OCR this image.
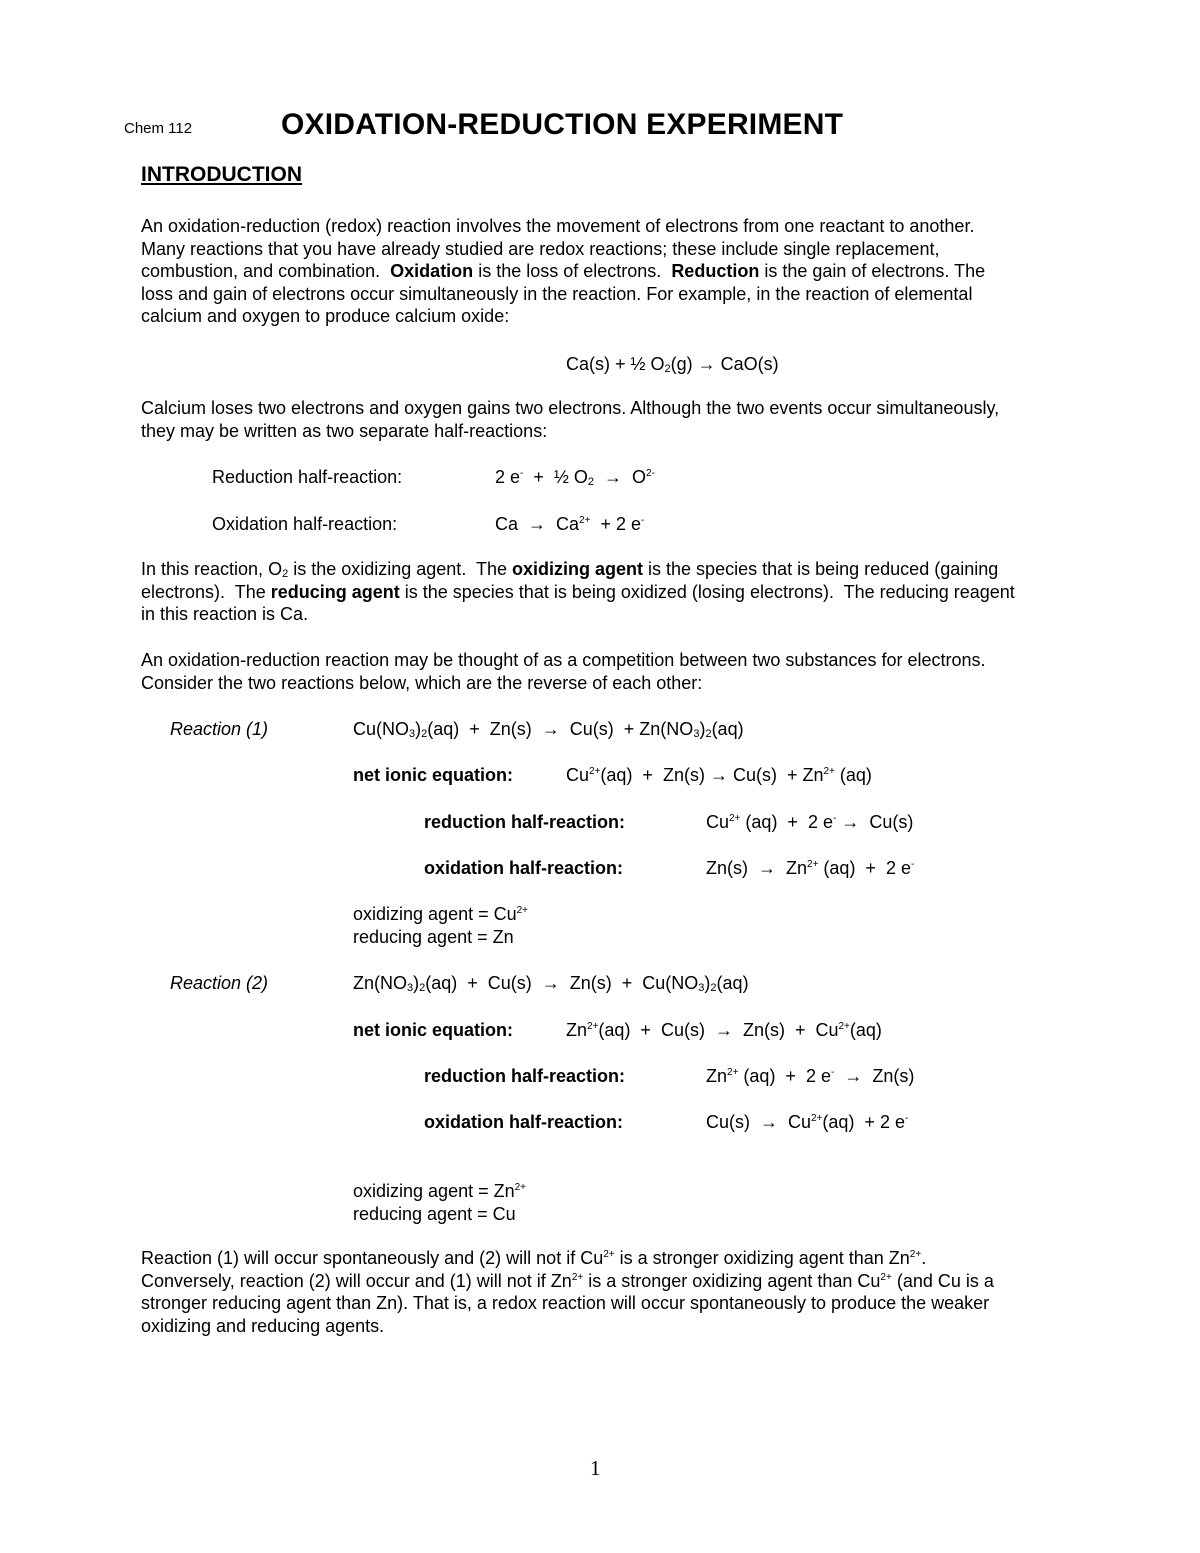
Chem 112	OXIDATION-REDUCTION EXPERIMENT
INTRODUCTION
An oxidation-reduction (redox) reaction involves the movement of electrons from one reactant to another.
Many reactions that you have already studied are redox reactions; these include single replacement,
combustion, and combination. Oxidation is the loss of electrons. Reduction is the gain of electrons. The
loss and gain of electrons occur simultaneously in the reaction. For example, in the reaction of elemental
calcium and oxygen to produce calcium oxide:
Ca(s) + ½ $O_2(g) \to CaO(s)$
Calcium loses two electrons and oxygen gains two electrons. Although the two events occur simultaneously,
they may be written as two separate half-reactions:
Reduction half-reaction:	2 e-  +  ½ $O_2 \to O^{2-}$
Oxidation half-reaction:	$Ca \to Ca^{2+} + 2$ e-
In this reaction, $O_2$ is the oxidizing agent.  The oxidizing agent is the species that is being reduced (gaining
electrons).  The reducing agent is the species that is being oxidized (losing electrons).  The reducing reagent
in this reaction is Ca.
An oxidation-reduction reaction may be thought of as a competition between two substances for electrons.
Consider the two reactions below, which are the reverse of each other:
Reaction (1)	$Cu(NO_3)_2(aq) + Zn(s) \to Cu(s) + Zn(NO_3)_2(aq)$
net ionic equation:	$Cu^{2+}(aq) + Zn(s) \to Cu(s) + Zn^{2+}$ (aq)
reduction half-reaction:	$Cu^{2+}$ (aq)  +  2 e- →  Cu(s)
oxidation half-reaction:	$Zn(s) \to Zn^{2+}$ (aq)  +  2 e-
oxidizing agent = $Cu^{2+}$
reducing agent = Zn
Reaction (2)	$Zn(NO_3)_2(aq) + Cu(s) \to Zn(s) + Cu(NO_3)_2(aq)$
net ionic equation:	$Zn^{2+}(aq) + Cu(s) \to Zn(s) + Cu^{2+}(aq)$
reduction half-reaction:	$Zn^{2+}$ (aq)  +  2 e-  →  Zn(s)
oxidation half-reaction:	$Cu(s) \to Cu^{2+}(aq) + 2$ e-
oxidizing agent = $Zn^{2+}$
reducing agent = Cu
Reaction (1) will occur spontaneously and (2) will not if $Cu^{2+}$ is a stronger oxidizing agent than $Zn^{2+}$.
Conversely, reaction (2) will occur and (1) will not if $Zn^{2+}$ is a stronger oxidizing agent than $Cu^{2+}$ (and Cu is a
stronger reducing agent than Zn). That is, a redox reaction will occur spontaneously to produce the weaker
oxidizing and reducing agents.
1
